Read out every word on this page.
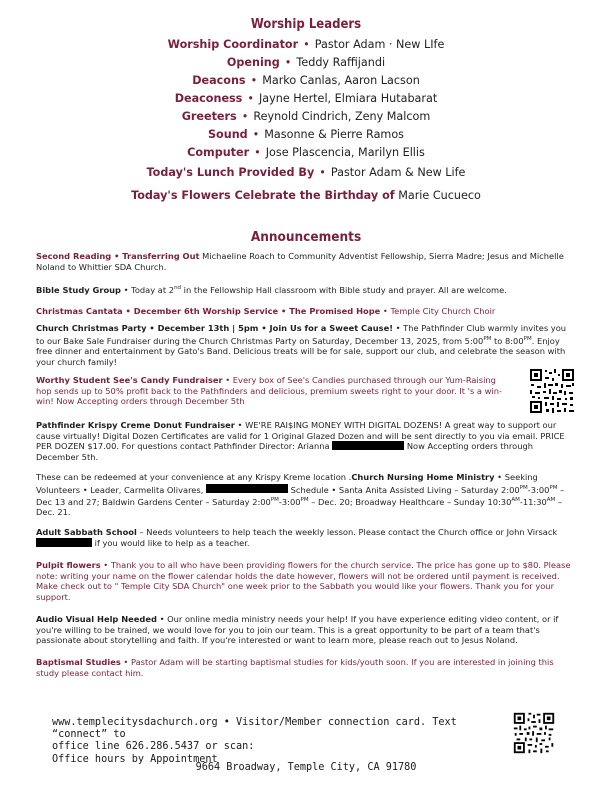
Worship Leaders
Worship Coordinator • Pastor Adam · New LIfe
Opening • Teddy Raffijandi
Deacons • Marko Canlas, Aaron Lacson
Deaconess • Jayne Hertel, Elmiara Hutabarat
Greeters • Reynold Cindrich, Zeny Malcom
Sound • Masonne & Pierre Ramos
Computer • Jose Plascencia, Marilyn Ellis
Today's Lunch Provided By • Pastor Adam & New Life
Today's Flowers Celebrate the Birthday of Marie Cucueco
Announcements
Second Reading • Transferring Out Michaeline Roach to Community Adventist Fellowship, Sierra Madre; Jesus and Michelle Noland to Whittier SDA Church.
Bible Study Group • Today at 2nd in the Fellowship Hall classroom with Bible study and prayer. All are welcome.
Christmas Cantata • December 6th Worship Service • The Promised Hope • Temple City Church Choir
Church Christmas Party • December 13th | 5pm • Join Us for a Sweet Cause! • The Pathfinder Club warmly invites you to our Bake Sale Fundraiser during the Church Christmas Party on Saturday, December 13, 2025, from $5:00^{PM}$ to $8:00^{PM}$. Enjoy free dinner and entertainment by Gato's Band. Delicious treats will be for sale, support our club, and celebrate the season with your church family!
Worthy Student See's Candy Fundraiser • Every box of See's Candies purchased through our Yum-Raising hop sends up to 50% profit back to the Pathfinders and delicious, premium sweets right to your door. It 's a win-win! Now Accepting orders through December 5th
Pathfinder Krispy Creme Donut Fundraiser • WE'RE RAI$ING MONEY WITH DIGITAL DOZENS! A great way to support our cause virtually! Digital Dozen Certificates are valid for 1 Original Glazed Dozen and will be sent directly to you via email. PRICE PER DOZEN $17.00. For questions contact Pathfinder Director: Arianna	Now Accepting orders through December 5th.
These can be redeemed at your convenience at any Krispy Kreme location .Church Nursing Home Ministry • Seeking Volunteers • Leader, Carmelita Olivares,	Schedule • Santa Anita Assisted Living – Saturday $2:00^{PM}-3:00^{PM}$ – Dec 13 and 27; Baldwin Gardens Center – Saturday $2:00^{PM}-3:00^{PM}$ – Dec. 20; Broadway Healthcare – Sunday $10:30^{AM}-11:30^{AM}$ – Dec. 21.
Adult Sabbath School – Needs volunteers to help teach the weekly lesson. Please contact the Church office or John Virsack if you would like to help as a teacher.
Pulpit flowers • Thank you to all who have been providing flowers for the church service. The price has gone up to $80. Please note: writing your name on the flower calendar holds the date however, flowers will not be ordered until payment is received. Make check out to " Temple City SDA Church" one week prior to the Sabbath you would like your flowers. Thank you for your support.
Audio Visual Help Needed • Our online media ministry needs your help! If you have experience editing video content, or if you're willing to be trained, we would love for you to join our team. This is a great opportunity to be part of a team that's passionate about storytelling and faith. If you're interested or want to learn more, please reach out to Jesus Noland.
Baptismal Studies • Pastor Adam will be starting baptismal studies for kids/youth soon. If you are interested in joining this study please contact him.
www.templecitysdachurch.org • Visitor/Member connection card. Text “connect” to
office line 626.286.5437 or scan:
Office hours by Appointment
9664 Broadway, Temple City, CA 91780
